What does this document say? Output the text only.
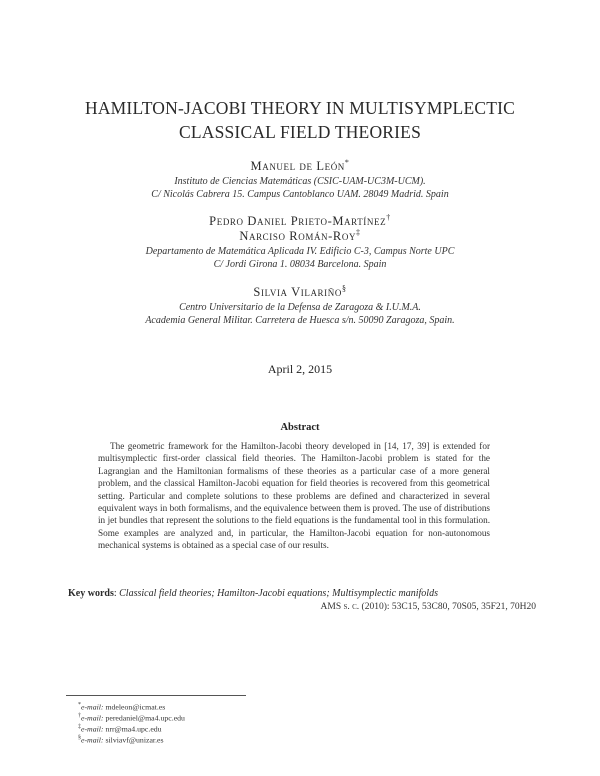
HAMILTON-JACOBI THEORY IN MULTISYMPLECTIC
CLASSICAL FIELD THEORIES
Manuel de León*
Instituto de Ciencias Matemáticas (CSIC-UAM-UC3M-UCM).
C/ Nicolás Cabrera 15. Campus Cantoblanco UAM. 28049 Madrid. Spain
Pedro Daniel Prieto-Martínez†
Narciso Román-Roy‡
Departamento de Matemática Aplicada IV. Edificio C-3, Campus Norte UPC
C/ Jordi Girona 1. 08034 Barcelona. Spain
Silvia Vilariño§
Centro Universitario de la Defensa de Zaragoza & I.U.M.A.
Academia General Militar. Carretera de Huesca s/n. 50090 Zaragoza, Spain.
April 2, 2015
Abstract
The geometric framework for the Hamilton-Jacobi theory developed in [14, 17, 39] is extended for multisymplectic first-order classical field theories. The Hamilton-Jacobi problem is stated for the Lagrangian and the Hamiltonian formalisms of these theories as a particular case of a more general problem, and the classical Hamilton-Jacobi equation for field theories is recovered from this geometrical setting. Particular and complete solutions to these problems are defined and characterized in several equivalent ways in both formalisms, and the equivalence between them is proved. The use of distributions in jet bundles that represent the solutions to the field equations is the fundamental tool in this formulation. Some examples are analyzed and, in particular, the Hamilton-Jacobi equation for non-autonomous mechanical systems is obtained as a special case of our results.
Key words: Classical field theories; Hamilton-Jacobi equations; Multisymplectic manifolds
AMS s. c. (2010): 53C15, 53C80, 70S05, 35F21, 70H20
*e-mail: mdeleon@icmat.es
†e-mail: peredaniel@ma4.upc.edu
‡e-mail: nrr@ma4.upc.edu
§e-mail: silviavf@unizar.es
